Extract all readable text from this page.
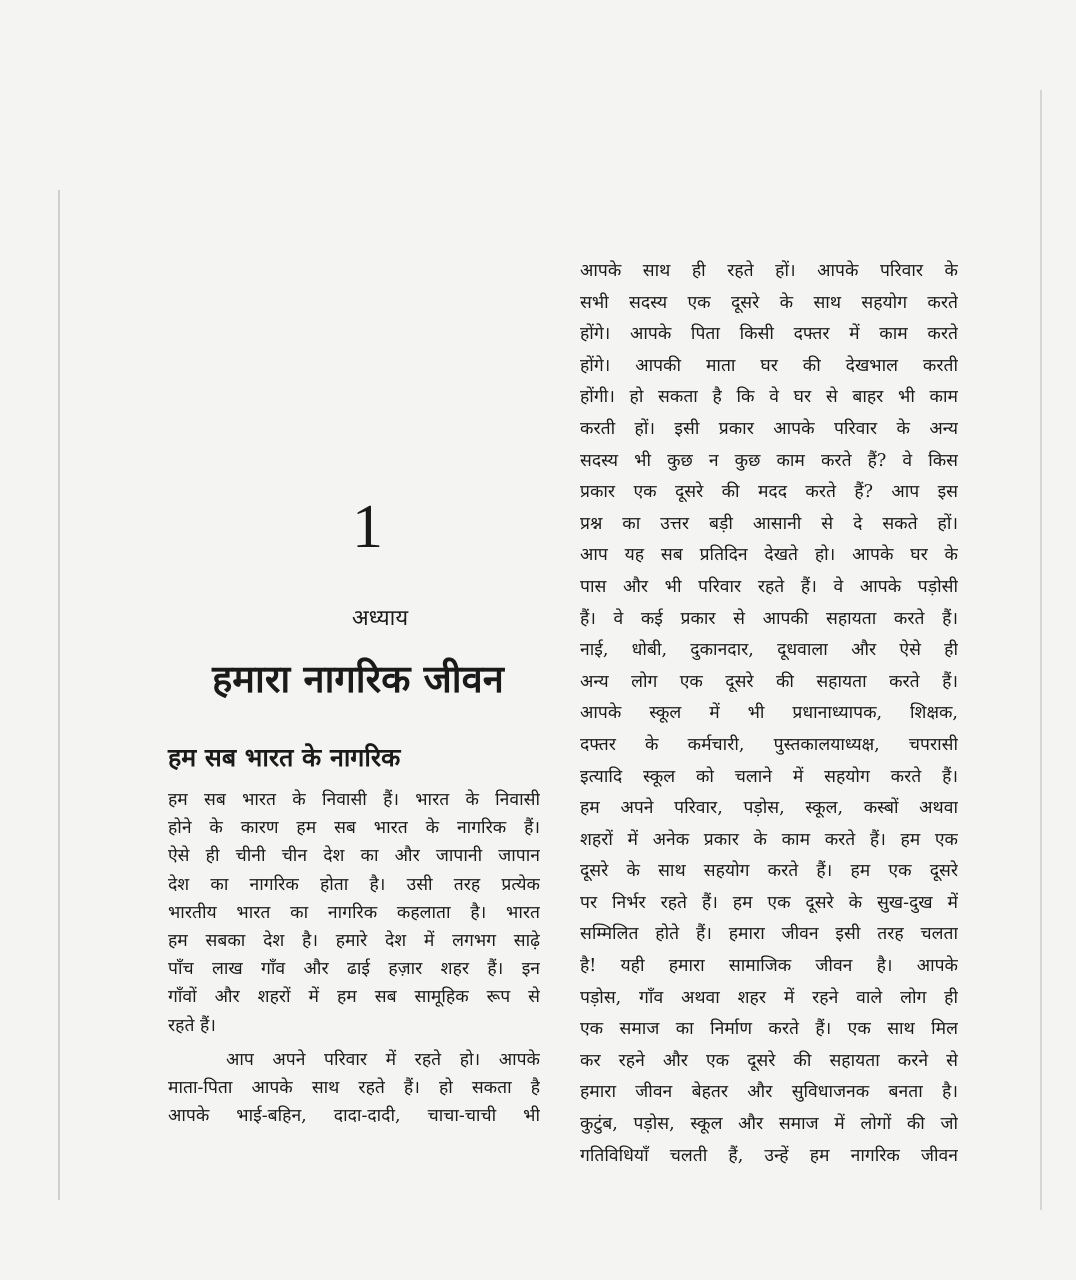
1
अध्याय
हमारा नागरिक जीवन
हम सब भारत के नागरिक
हम सब भारत के निवासी हैं। भारत के निवासी
होने के कारण हम सब भारत के नागरिक हैं।
ऐसे ही चीनी चीन देश का और जापानी जापान
देश का नागरिक होता है। उसी तरह प्रत्येक
भारतीय भारत का नागरिक कहलाता है। भारत
हम सबका देश है। हमारे देश में लगभग साढ़े
पाँच लाख गाँव और ढाई हज़ार शहर हैं। इन
गाँवों और शहरों में हम सब सामूहिक रूप से
रहते हैं।
आप अपने परिवार में रहते हो। आपके
माता-पिता आपके साथ रहते हैं। हो सकता है
आपके भाई-बहिन, दादा-दादी, चाचा-चाची भी
आपके साथ ही रहते हों। आपके परिवार के
सभी सदस्य एक दूसरे के साथ सहयोग करते
होंगे। आपके पिता किसी दफ्तर में काम करते
होंगे। आपकी माता घर की देखभाल करती
होंगी। हो सकता है कि वे घर से बाहर भी काम
करती हों। इसी प्रकार आपके परिवार के अन्य
सदस्य भी कुछ न कुछ काम करते हैं? वे किस
प्रकार एक दूसरे की मदद करते हैं? आप इस
प्रश्न का उत्तर बड़ी आसानी से दे सकते हों।
आप यह सब प्रतिदिन देखते हो। आपके घर के
पास और भी परिवार रहते हैं। वे आपके पड़ोसी
हैं। वे कई प्रकार से आपकी सहायता करते हैं।
नाई, धोबी, दुकानदार, दूधवाला और ऐसे ही
अन्य लोग एक दूसरे की सहायता करते हैं।
आपके स्कूल में भी प्रधानाध्यापक, शिक्षक,
दफ्तर के कर्मचारी, पुस्तकालयाध्यक्ष, चपरासी
इत्यादि स्कूल को चलाने में सहयोग करते हैं।
हम अपने परिवार, पड़ोस, स्कूल, कस्बों अथवा
शहरों में अनेक प्रकार के काम करते हैं। हम एक
दूसरे के साथ सहयोग करते हैं। हम एक दूसरे
पर निर्भर रहते हैं। हम एक दूसरे के सुख-दुख में
सम्मिलित होते हैं। हमारा जीवन इसी तरह चलता
है! यही हमारा सामाजिक जीवन है। आपके
पड़ोस, गाँव अथवा शहर में रहने वाले लोग ही
एक समाज का निर्माण करते हैं। एक साथ मिल
कर रहने और एक दूसरे की सहायता करने से
हमारा जीवन बेहतर और सुविधाजनक बनता है।
कुटुंब, पड़ोस, स्कूल और समाज में लोगों की जो
गतिविधियाँ चलती हैं, उन्हें हम नागरिक जीवन
